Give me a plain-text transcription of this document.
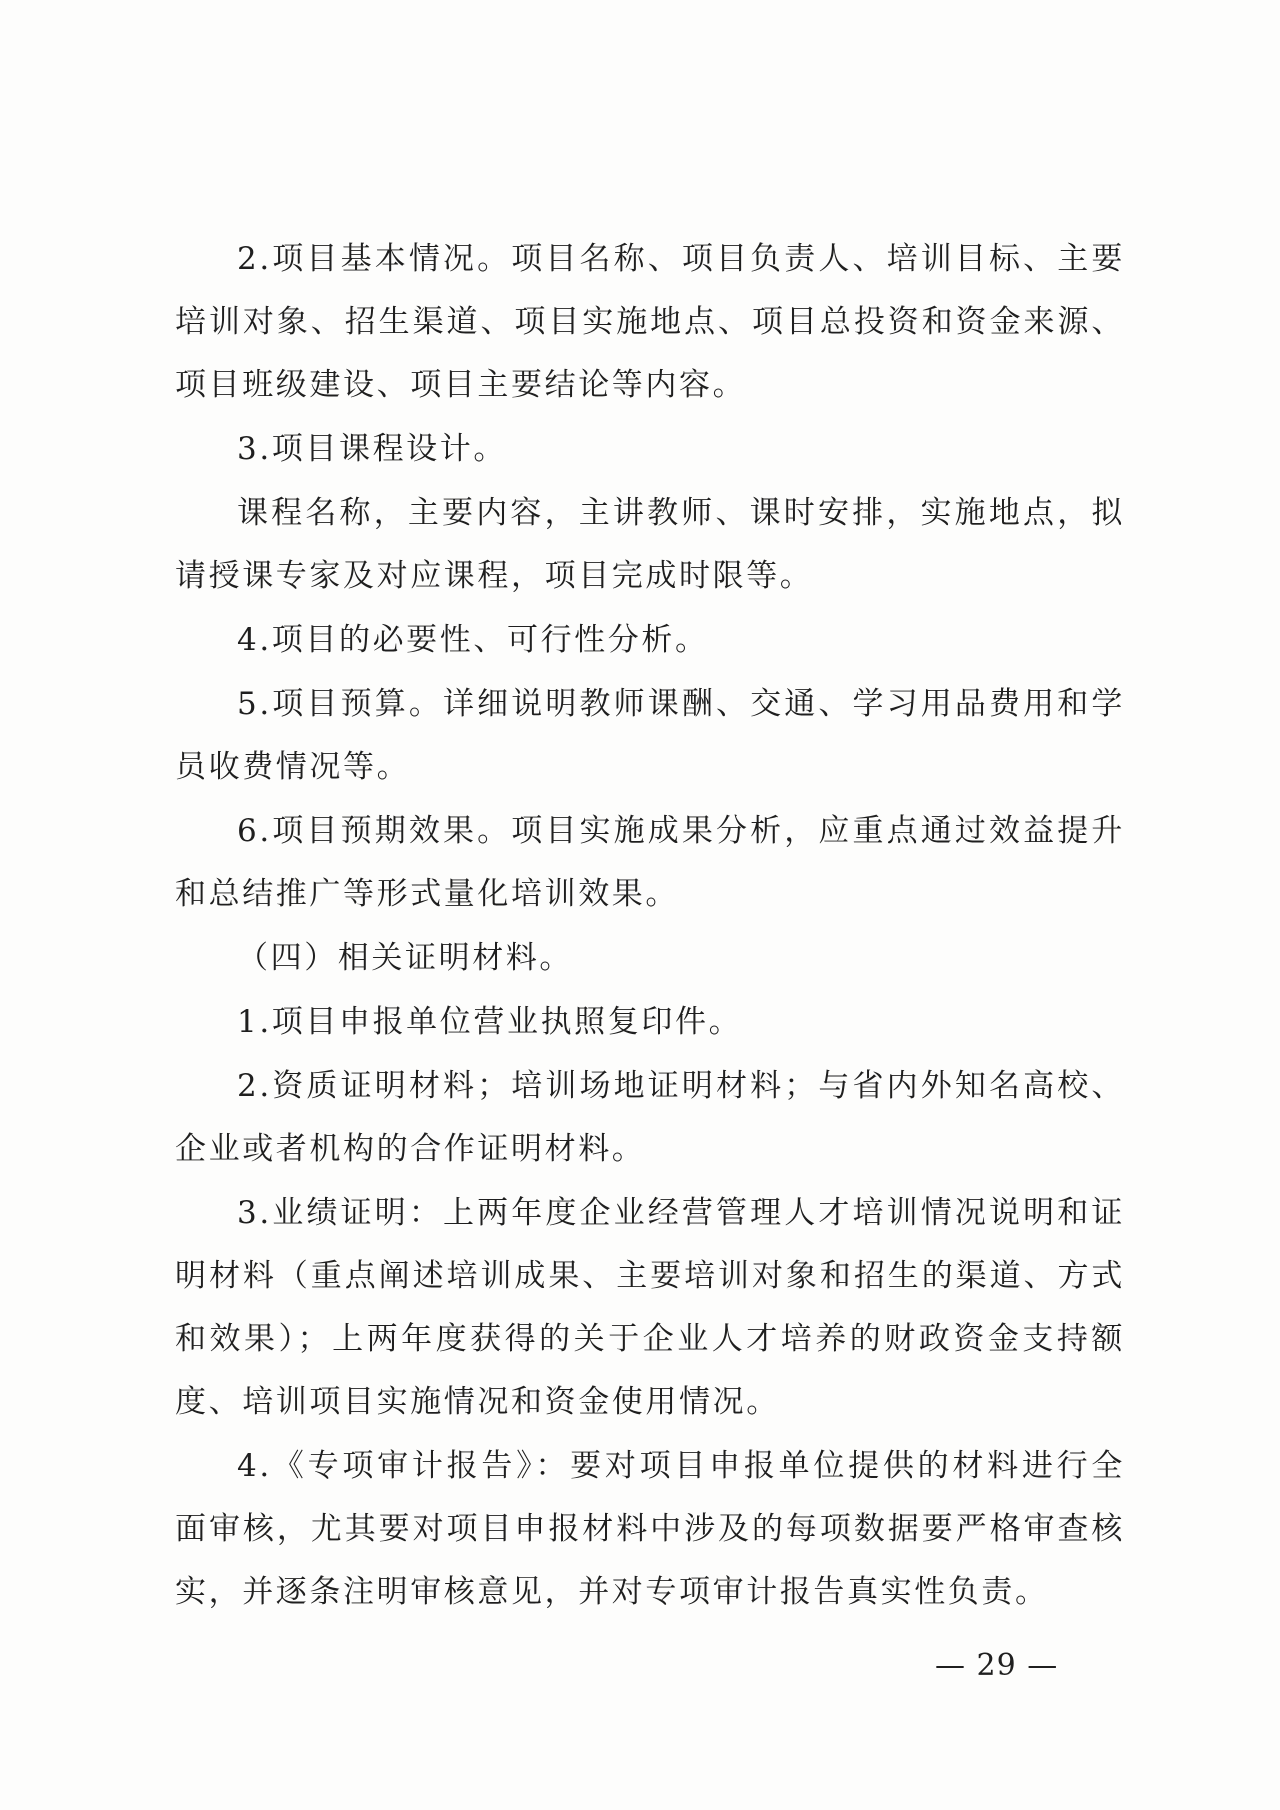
2.项目基本情况。项目名称、项目负责人、培训目标、主要培训对象、招生渠道、项目实施地点、项目总投资和资金来源、项目班级建设、项目主要结论等内容。

3.项目课程设计。

课程名称，主要内容，主讲教师、课时安排，实施地点，拟请授课专家及对应课程，项目完成时限等。

4.项目的必要性、可行性分析。

5.项目预算。详细说明教师课酬、交通、学习用品费用和学员收费情况等。

6.项目预期效果。项目实施成果分析，应重点通过效益提升和总结推广等形式量化培训效果。

（四）相关证明材料。

1.项目申报单位营业执照复印件。

2.资质证明材料；培训场地证明材料；与省内外知名高校、企业或者机构的合作证明材料。

3.业绩证明：上两年度企业经营管理人才培训情况说明和证明材料（重点阐述培训成果、主要培训对象和招生的渠道、方式和效果）；上两年度获得的关于企业人才培养的财政资金支持额度、培训项目实施情况和资金使用情况。

4.《专项审计报告》：要对项目申报单位提供的材料进行全面审核，尤其要对项目申报材料中涉及的每项数据要严格审查核实，并逐条注明审核意见，并对专项审计报告真实性负责。

— 29 —
